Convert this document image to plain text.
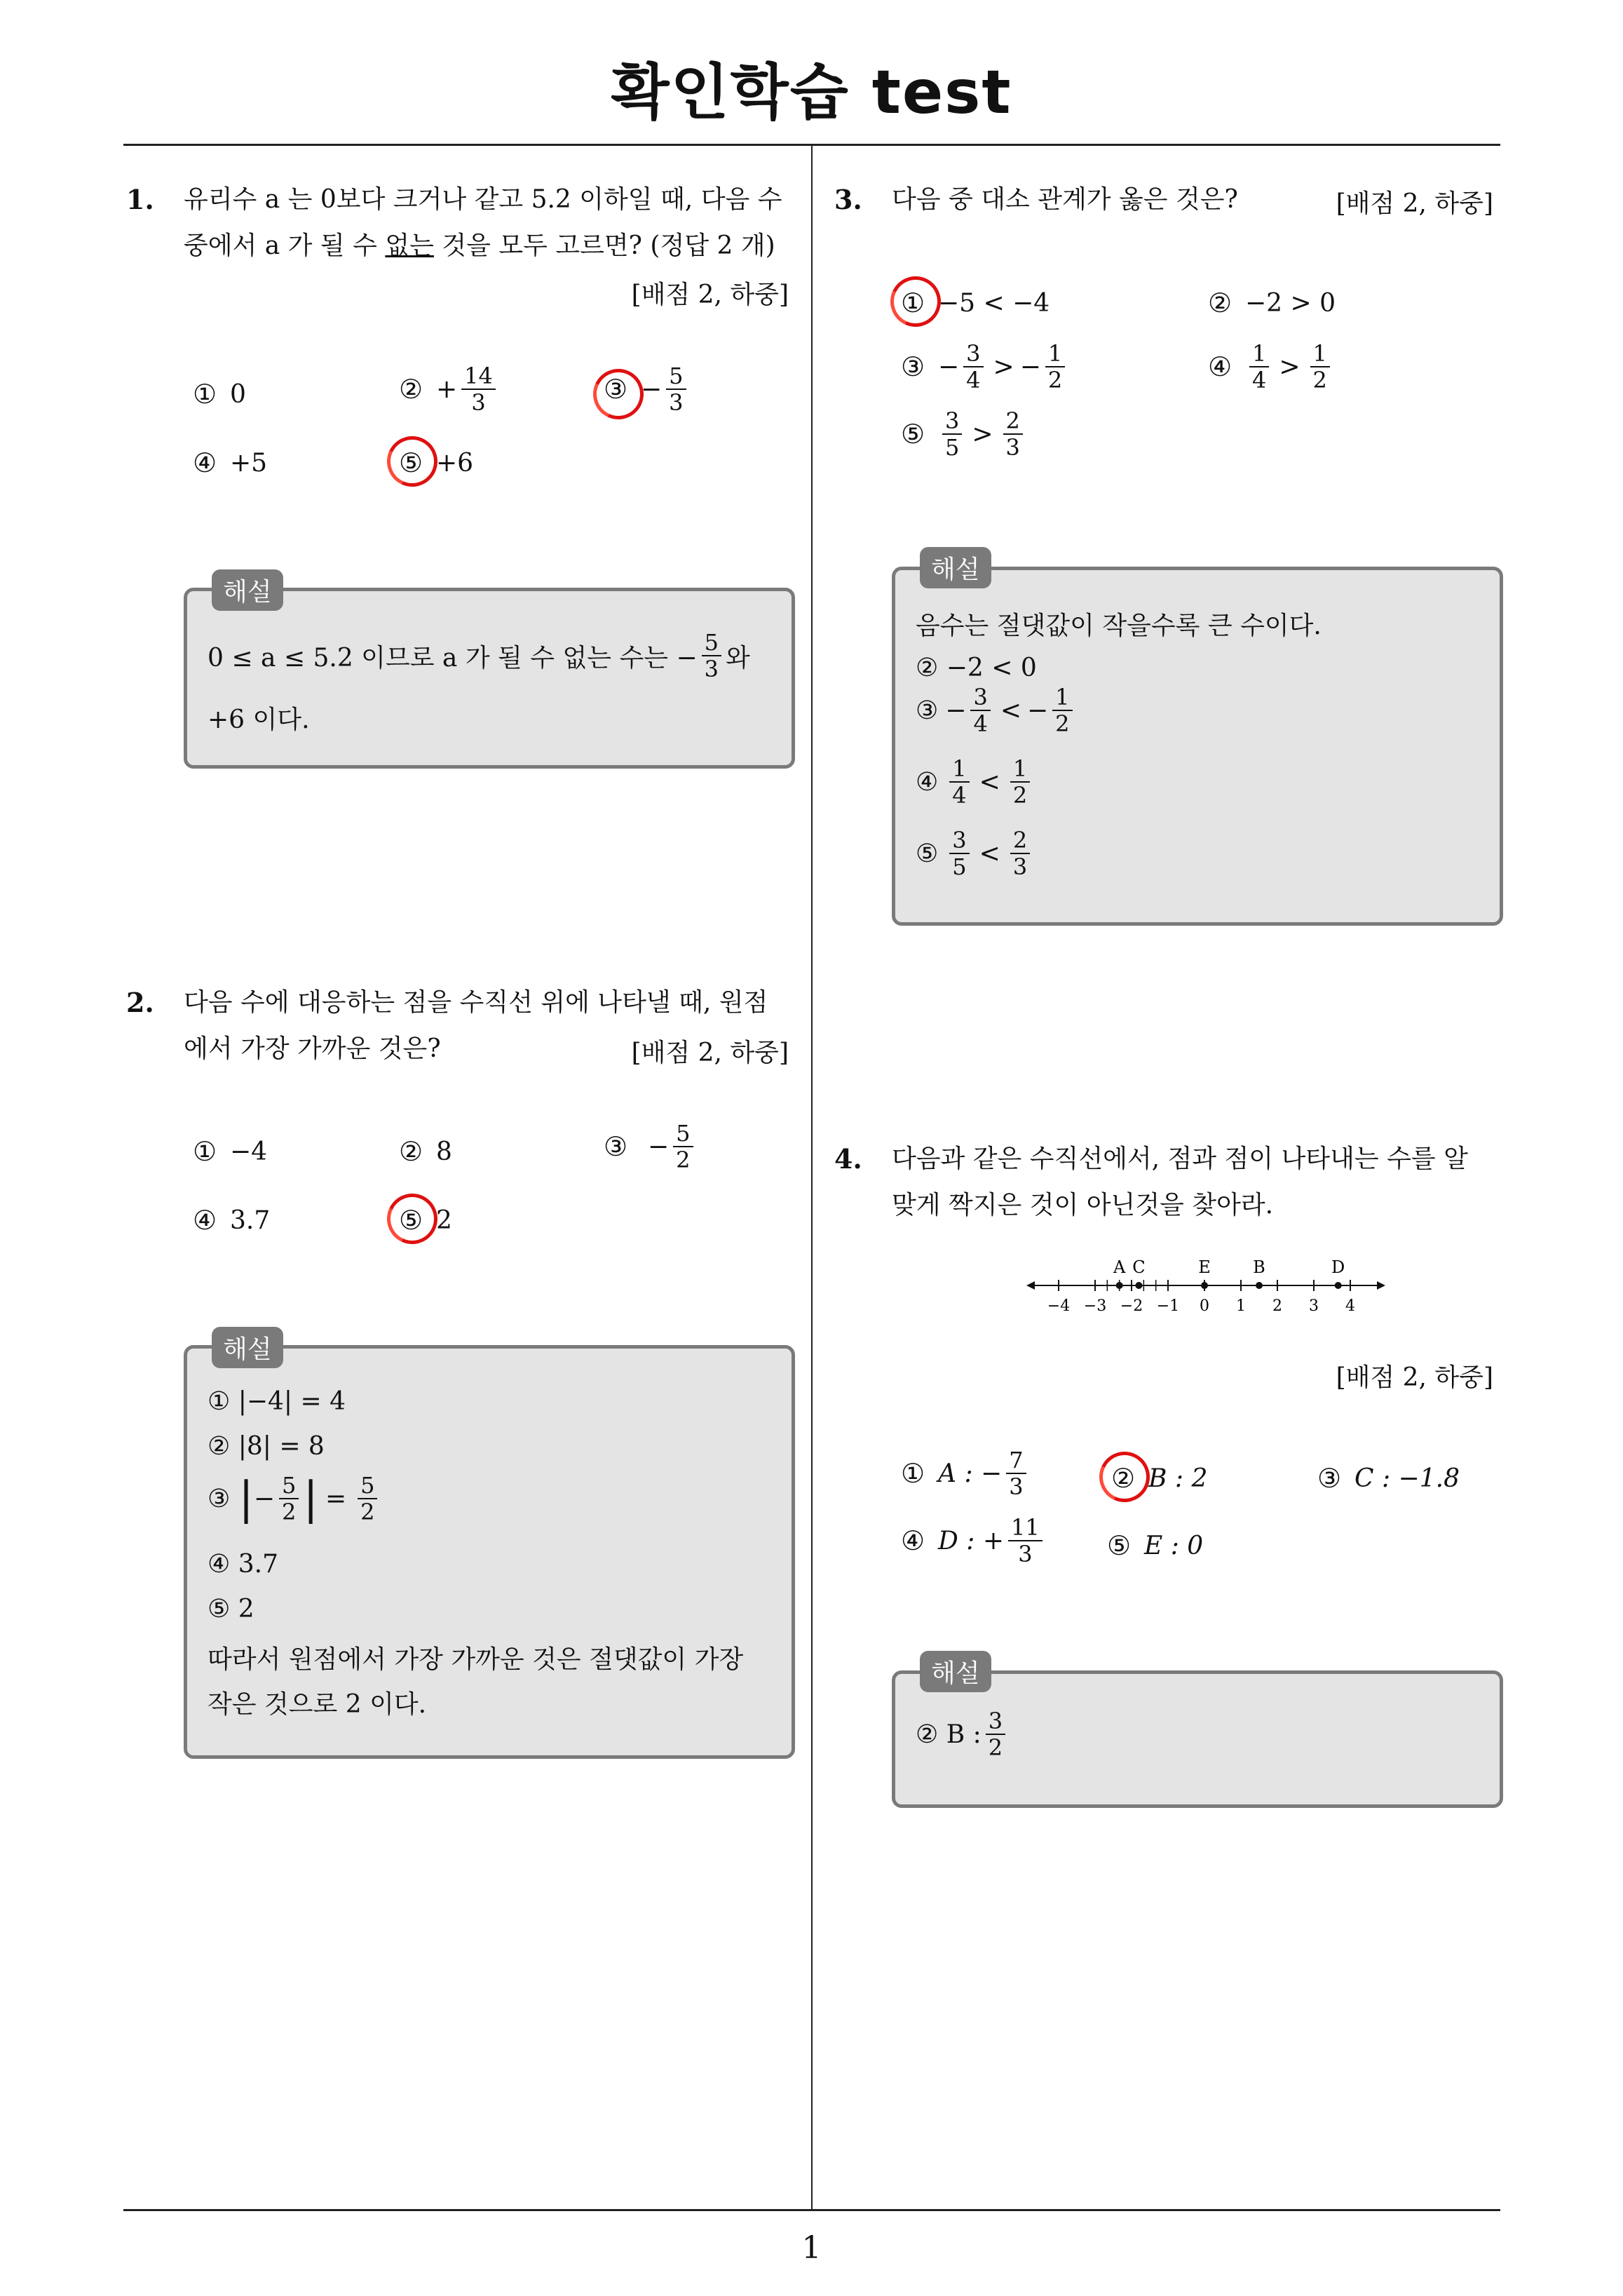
확인학습 test
1
1. 유리수 a 는 0보다 크거나 같고 5.2 이하일 때, 다음 수
중에서 a 가 될 수 없는 것을 모두 고르면? (정답 2 개)
[배점 2, 하중]
① 0	② + $\frac{14}{3}$	③ − $\frac{5}{3}$
④ +5	⑤ +6
해설
0 ≤ a ≤ 5.2 이므로 a 가 될 수 없는 수는 − $\frac{5}{3}$ 와
+6 이다.
2. 다음 수에 대응하는 점을 수직선 위에 나타낼 때, 원점
에서 가장 가까운 것은?	[배점 2, 하중]
① −4	② 8	③ − $\frac{5}{2}$
④ 3.7	⑤ 2
해설
① |−4| = 4
② |8| = 8
③ | − $\frac{5}{2}$ | = $\frac{5}{2}$
④ 3.7
⑤ 2
따라서 원점에서 가장 가까운 것은 절댓값이 가장
작은 것으로 2 이다.
3. 다음 중 대소 관계가 옳은 것은?	[배점 2, 하중]
① −5 < −4	② −2 > 0
③ − $\frac{3}{4}$ > − $\frac{1}{2}$	④ $\frac{1}{4} > \frac{1}{2}$
⑤ $\frac{3}{5} > \frac{2}{3}$
해설
음수는 절댓값이 작을수록 큰 수이다.
② −2 < 0
③ − $\frac{3}{4}$ < − $\frac{1}{2}$
④ $\frac{1}{4} < \frac{1}{2}$
⑤ $\frac{3}{5} < \frac{2}{3}$
4. 다음과 같은 수직선에서, 점과 점이 나타내는 수를 알
맞게 짝지은 것이 아닌것을 찾아라.
−4 −3 −2 −1 0 1 2 3 4
A C	E	B	D
[배점 2, 하중]
① A : − $\frac{7}{3}$	② B : 2	③ C : −1.8
④ D : + $\frac{11}{3}$ ⑤ E : 0
해설
② B : $\frac{3}{2}$
